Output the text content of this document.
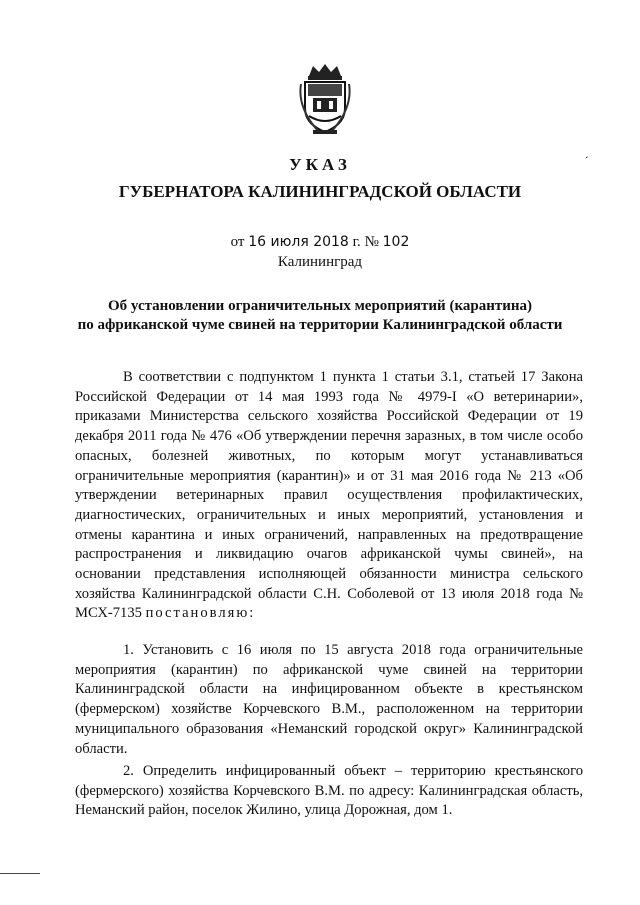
УКАЗ
ГУБЕРНАТОРА КАЛИНИНГРАДСКОЙ ОБЛАСТИ
от 16 июля 2018 г. № 102
Калининград
Об установлении ограничительных мероприятий (карантина)
по африканской чуме свиней на территории Калининградской области
В соответствии с подпунктом 1 пункта 1 статьи 3.1, статьей 17 Закона Российской Федерации от 14 мая 1993 года № 4979-I «О ветеринарии», приказами Министерства сельского хозяйства Российской Федерации от 19 декабря 2011 года № 476 «Об утверждении перечня заразных, в том числе особо опасных, болезней животных, по которым могут устанавливаться ограничительные мероприятия (карантин)» и от 31 мая 2016 года № 213 «Об утверждении ветеринарных правил осуществления профилактических, диагностических, ограничительных и иных мероприятий, установления и отмены карантина и иных ограничений, направленных на предотвращение распространения и ликвидацию очагов африканской чумы свиней», на основании представления исполняющей обязанности министра сельского хозяйства Калининградской области С.Н. Соболевой от 13 июля 2018 года № МСХ-7135 постановляю:
1. Установить с 16 июля по 15 августа 2018 года ограничительные мероприятия (карантин) по африканской чуме свиней на территории Калининградской области на инфицированном объекте в крестьянском (фермерском) хозяйстве Корчевского В.М., расположенном на территории муниципального образования «Неманский городской округ» Калининградской области.
2. Определить инфицированный объект – территорию крестьянского (фермерского) хозяйства Корчевского В.М. по адресу: Калининградская область, Неманский район, поселок Жилино, улица Дорожная, дом 1.
